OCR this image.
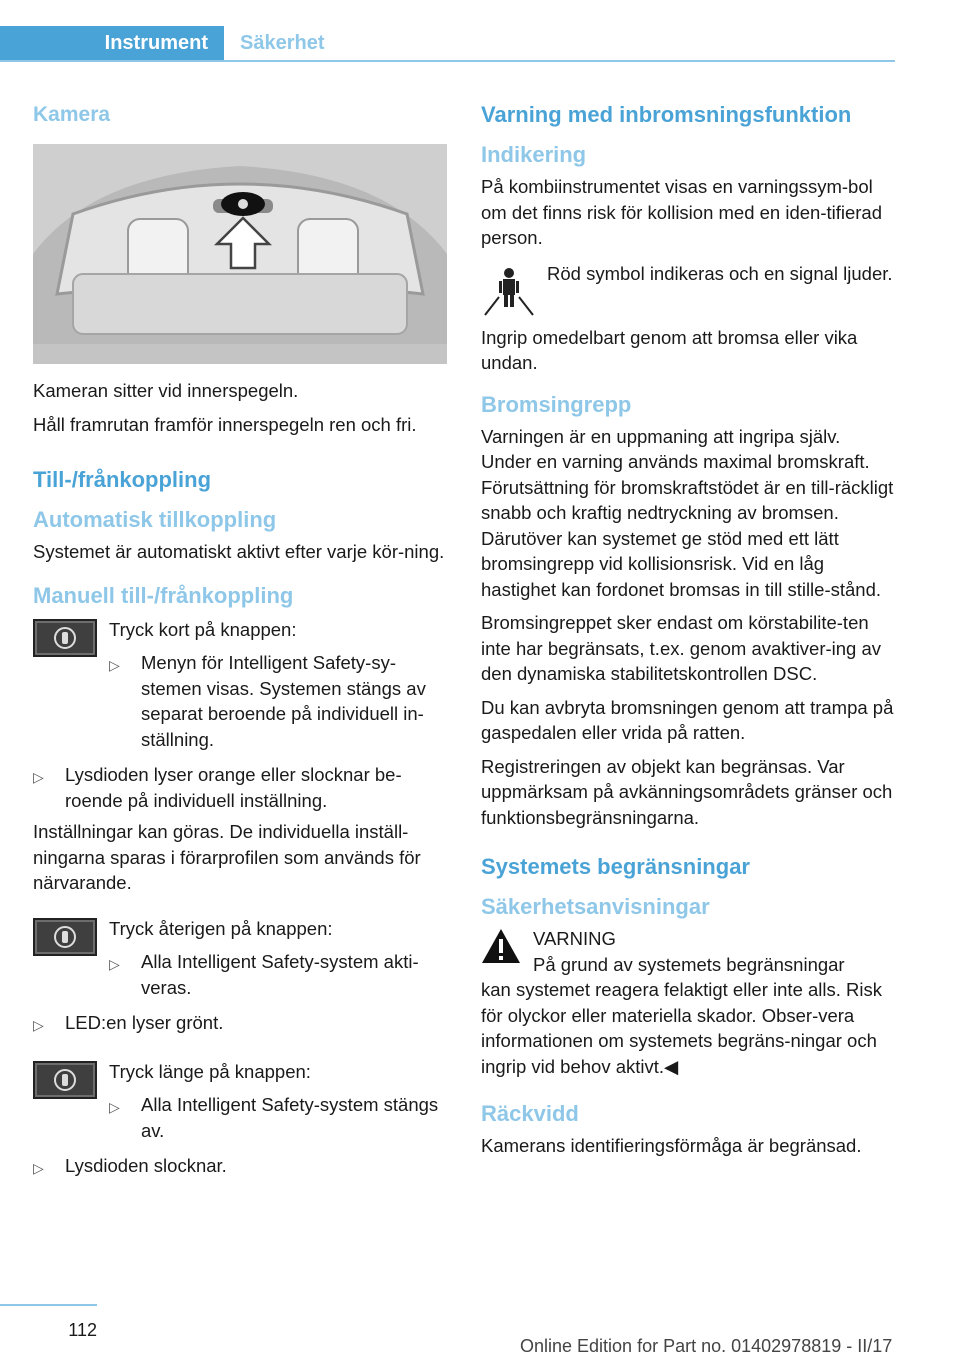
Instrument	Säkerhet
Kamera
Kameran sitter vid innerspegeln.
Håll framrutan framför innerspegeln ren och fri.
Till-/frånkoppling
Automatisk tillkoppling
Systemet är automatiskt aktivt efter varje kör-ning.
Manuell till-/frånkoppling
Tryck kort på knappen:
▷	Menyn för Intelligent Safety-sy-stemen visas. Systemen stängs av separat beroende på individuell in-ställning.
▷	Lysdioden lyser orange eller slocknar be-roende på individuell inställning.
Inställningar kan göras. De individuella inställ-ningarna sparas i förarprofilen som används för närvarande.
Tryck återigen på knappen:
▷	Alla Intelligent Safety-system akti-veras.
▷	LED:en lyser grönt.
Tryck länge på knappen:
▷	Alla Intelligent Safety-system stängs av.
▷	Lysdioden slocknar.
Varning med inbromsningsfunktion
Indikering
På kombiinstrumentet visas en varningssym-bol om det finns risk för kollision med en iden-tifierad person.
Röd symbol indikeras och en signal ljuder.
Ingrip omedelbart genom att bromsa eller vika undan.
Bromsingrepp
Varningen är en uppmaning att ingripa själv. Under en varning används maximal bromskraft. Förutsättning för bromskraftstödet är en till-räckligt snabb och kraftig nedtryckning av bromsen. Därutöver kan systemet ge stöd med ett lätt bromsingrepp vid kollisionsrisk. Vid en låg hastighet kan fordonet bromsas in till stille-stånd.
Bromsingreppet sker endast om körstabilite-ten inte har begränsats, t.ex. genom avaktiver-ing av den dynamiska stabilitetskontrollen DSC.
Du kan avbryta bromsningen genom att trampa på gaspedalen eller vrida på ratten.
Registreringen av objekt kan begränsas. Var uppmärksam på avkänningsområdets gränser och funktionsbegränsningarna.
Systemets begränsningar
Säkerhetsanvisningar
VARNING
På grund av systemets begränsningar
kan systemet reagera felaktigt eller inte alls. Risk för olyckor eller materiella skador. Obser-vera informationen om systemets begräns-ningar och ingrip vid behov aktivt.◀
Räckvidd
Kamerans identifieringsförmåga är begränsad.
112
Online Edition for Part no. 01402978819 - II/17
